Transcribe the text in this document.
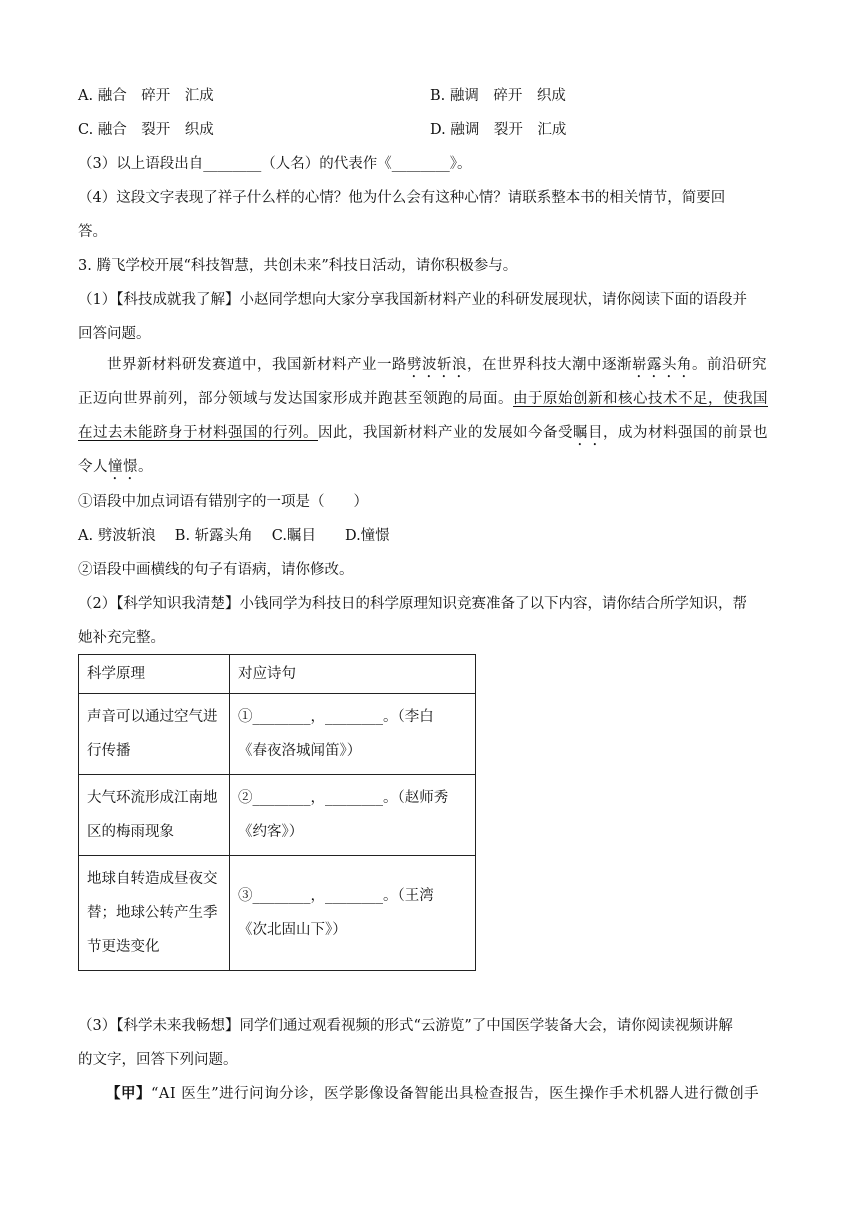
A. 融合　碎开　汇成	B. 融调　碎开　织成
C. 融合　裂开　织成	D. 融调　裂开　汇成
（3）以上语段出自________（人名）的代表作《________》。
（4）这段文字表现了祥子什么样的心情？他为什么会有这种心情？请联系整本书的相关情节，简要回
答。
3. 腾飞学校开展“科技智慧，共创未来”科技日活动，请你积极参与。
（1）【科技成就我了解】小赵同学想向大家分享我国新材料产业的科研发展现状，请你阅读下面的语段并
回答问题。
世界新材料研发赛道中，我国新材料产业一路劈波斩浪，在世界科技大潮中逐渐崭露头角。前沿研究正迈向世界前列，部分领域与发达国家形成并跑甚至领跑的局面。由于原始创新和核心技术不足，使我国在过去未能跻身于材料强国的行列。因此，我国新材料产业的发展如今备受瞩目，成为材料强国的前景也令人憧憬。
①语段中加点词语有错别字的一项是（　　）
A. 劈波斩浪　 B. 斩露头角　 C.瞩目　　D.憧憬
②语段中画横线的句子有语病，请你修改。
（2）【科学知识我清楚】小钱同学为科技日的科学原理知识竞赛准备了以下内容，请你结合所学知识，帮
她补充完整。
科学原理	对应诗句
声音可以通过空气进行传播	①________，________。（李白
《春夜洛城闻笛》）

大气环流形成江南地区的梅雨现象	②________，________。（赵师秀
《约客》）

地球自转造成昼夜交替；地球公转产生季节更迭变化	③________，________。（王湾
《次北固山下》）
（3）【科学未来我畅想】同学们通过观看视频的形式“云游览”了中国医学装备大会，请你阅读视频讲解
的文字，回答下列问题。
【甲】“AI 医生”进行问询分诊，医学影像设备智能出具检查报告，医生操作手术机器人进行微创手
